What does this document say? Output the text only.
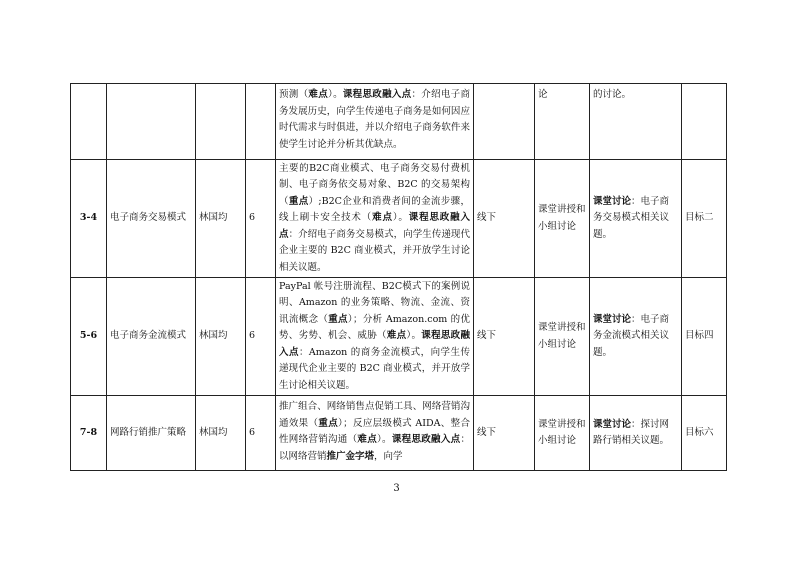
				预测（难点）。课程思政融入点：介绍电子商务发展历史，向学生传递电子商务是如何因应时代需求与时俱进，并以介绍电子商务软件来使学生讨论并分析其优缺点。		论	的讨论。	
3-4	电子商务交易模式	林国均	6	主要的B2C商业模式、电子商务交易付费机制、电子商务依交易对象、B2C 的交易架构（重点）;B2C企业和消费者间的金流步骤，线上刷卡安全技术（难点）。课程思政融入点：介绍电子商务交易模式，向学生传递现代企业主要的 B2C 商业模式，并开放学生讨论相关议题。	线下	课堂讲授和小组讨论	课堂讨论：电子商务交易模式相关议题。	目标二
5-6	电子商务金流模式	林国均	6	PayPal 帐号注册流程、B2C模式下的案例说明、Amazon 的业务策略、物流、金流、资讯流概念（重点）；分析 Amazon.com 的优势、劣势、机会、威胁（难点）。课程思政融入点：Amazon 的商务金流模式，向学生传递现代企业主要的 B2C 商业模式，并开放学生讨论相关议题。	线下	课堂讲授和小组讨论	课堂讨论：电子商务金流模式相关议题。	目标四
7-8	网路行销推广策略	林国均	6	推广组合、网络销售点促销工具、网络营销沟通效果（重点）；反应层级模式 AIDA、整合性网络营销沟通（难点）。课程思政融入点：以网络营销推广金字塔，向学	线下	课堂讲授和小组讨论	课堂讨论：探讨网路行销相关议题。	目标六
3
